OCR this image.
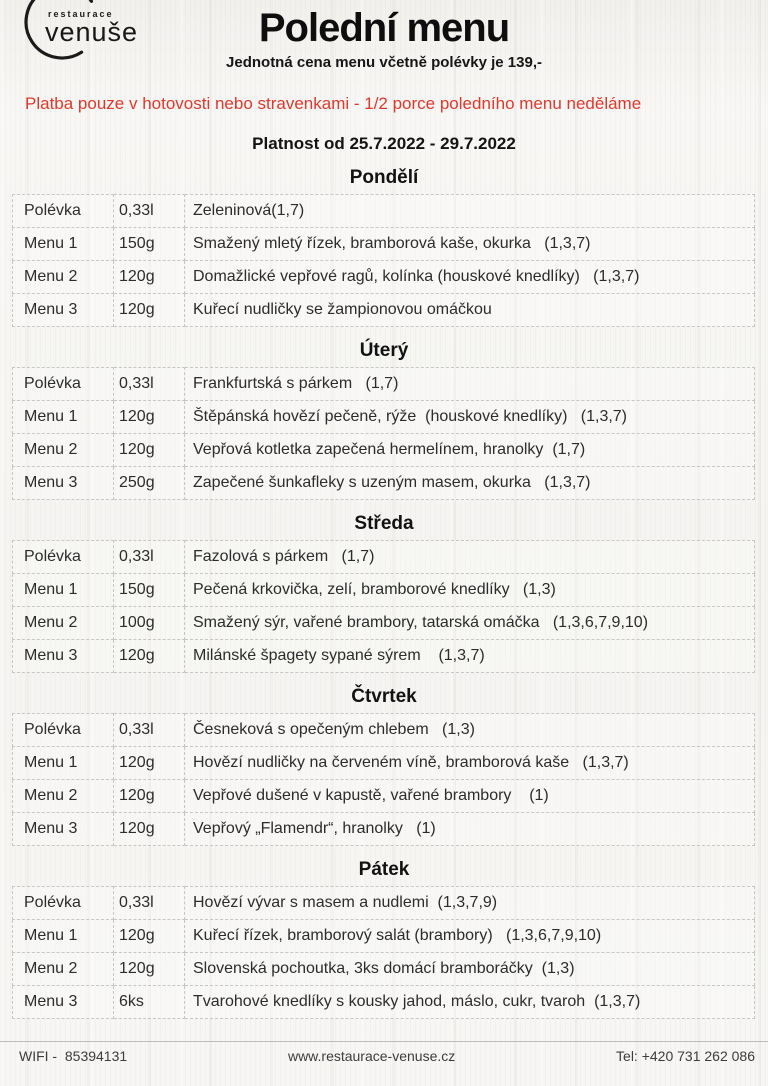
restaurace
venuše	Polední menu
Jednotná cena menu včetně polévky je 139,-
Platba pouze v hotovosti nebo stravenkami - 1/2 porce poledního menu neděláme
Platnost od 25.7.2022 - 29.7.2022
Pondělí
Polévka	0,33l	Zeleninová(1,7)
Menu 1	150g	Smažený mletý řízek, bramborová kaše, okurka   (1,3,7)
Menu 2	120g	Domažlické vepřové ragů, kolínka (houskové knedlíky)   (1,3,7)
Menu 3	120g	Kuřecí nudličky se žampionovou omáčkou
Úterý
Polévka	0,33l	Frankfurtská s párkem   (1,7)
Menu 1	120g	Štěpánská hovězí pečeně, rýže  (houskové knedlíky)   (1,3,7)
Menu 2	120g	Vepřová kotletka zapečená hermelínem, hranolky  (1,7)
Menu 3	250g	Zapečené šunkafleky s uzeným masem, okurka   (1,3,7)
Středa
Polévka	0,33l	Fazolová s párkem   (1,7)
Menu 1	150g	Pečená krkovička, zelí, bramborové knedlíky   (1,3)
Menu 2	100g	Smažený sýr, vařené brambory, tatarská omáčka   (1,3,6,7,9,10)
Menu 3	120g	Milánské špagety sypané sýrem    (1,3,7)
Čtvrtek
Polévka	0,33l	Česneková s opečeným chlebem   (1,3)
Menu 1	120g	Hovězí nudličky na červeném víně, bramborová kaše   (1,3,7)
Menu 2	120g	Vepřové dušené v kapustě, vařené brambory    (1)
Menu 3	120g	Vepřový „Flamendr“, hranolky   (1)
Pátek
Polévka	0,33l	Hovězí vývar s masem a nudlemi  (1,3,7,9)
Menu 1	120g	Kuřecí řízek, bramborový salát (brambory)   (1,3,6,7,9,10)
Menu 2	120g	Slovenská pochoutka, 3ks domácí bramboráčky  (1,3)
Menu 3	6ks	Tvarohové knedlíky s kousky jahod, máslo, cukr, tvaroh  (1,3,7)
WIFI -  85394131	www.restaurace-venuse.cz	Tel: +420 731 262 086
